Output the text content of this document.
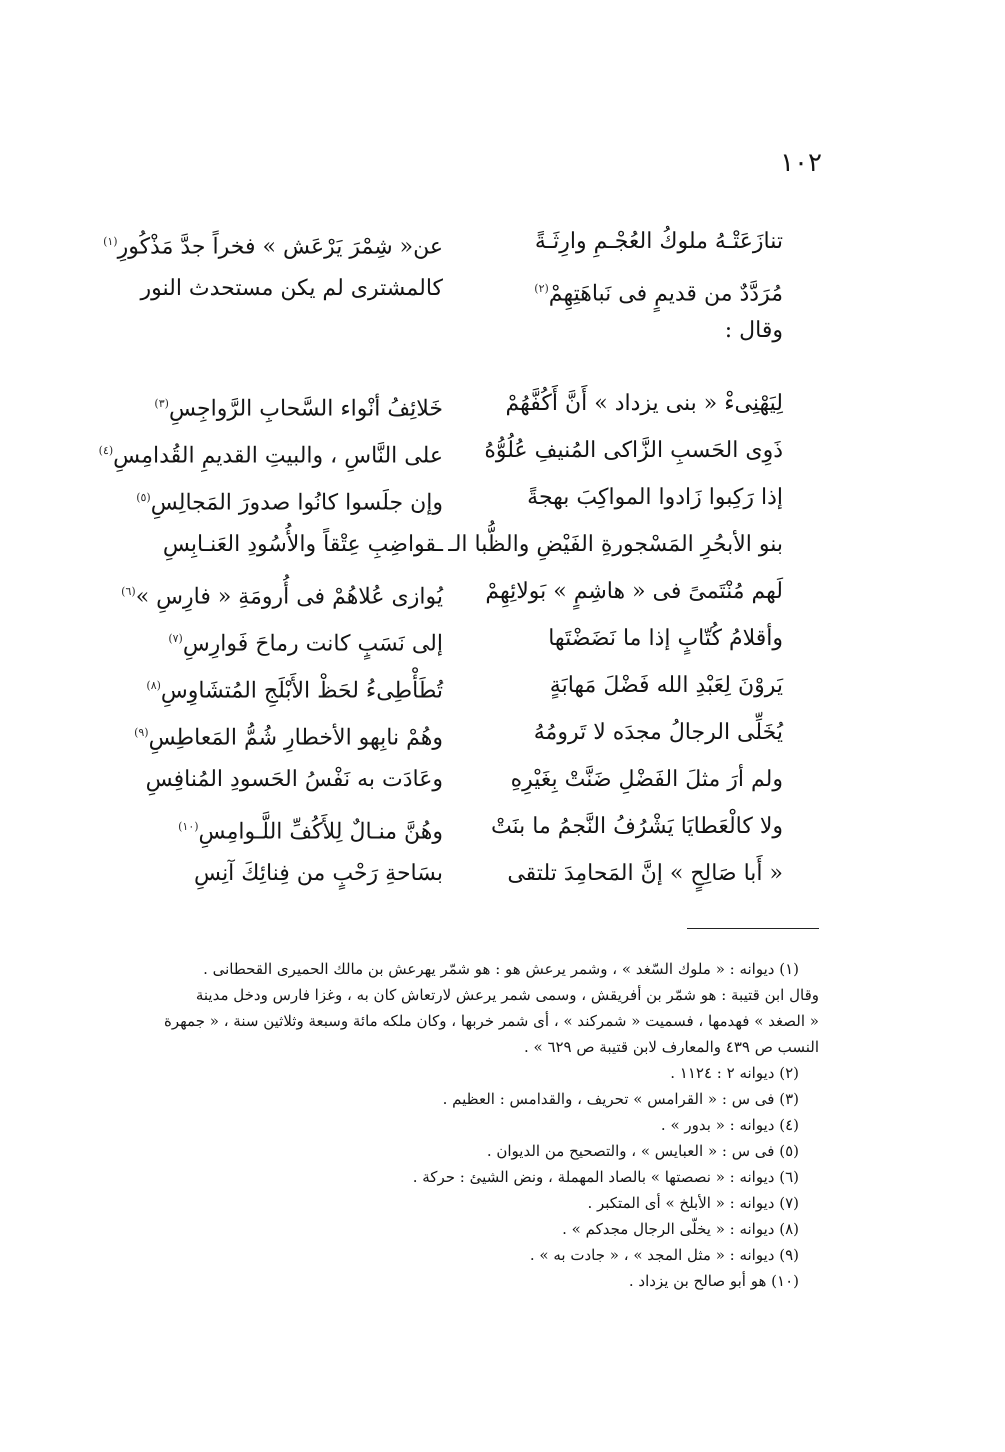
١٠٢
تنازَعَتْـهُ ملوكُ العُجْـمِ وارِثَـةً
عن« شِمْرَ يَرْعَش » فخراً جدَّ مَذْكُورِ$^{(١)}$
مُرَدَّدٌ من قديمٍ فى نَباهَتِهِمْ$^{(٢)}$
كالمشترى لم يكن مستحدث النور
وقال :
لِيَهْنِىءْ « بنى يزداد » أَنَّ أَكُفَّهُمْ
خَلائِفُ أنْواء السَّحابِ الرَّواجِسِ$^{(٣)}$
ذَوِى الحَسبِ الزَّاكى المُنيفِ عُلُوُّهُ
على النَّاسِ ، والبيتِ القديمِ القُدامِسِ$^{(٤)}$
إذا رَكِبوا زَادوا المواكِبَ بهجةً
وإن جلَسوا كانُوا صدورَ المَجالِسِ$^{(٥)}$
بنو الأبحُرِ المَسْجورةِ الفَيْضِ والظُّبا الـ
ـقواضِبِ عِتْقاً والأُسُودِ العَنـابِسِ
لَهم مُنْتَمىً فى « هاشِمٍ » بَولائِهِمْ
يُوازى عُلاهُمْ فى أُرومَةِ « فارِسِ »$^{(٦)}$
وأقلامُ كُتّابٍ إذا ما نَضَضْتَها
إلى نَسَبٍ كانت رماحَ فَوارِسِ$^{(٧)}$
يَروْنَ لِعَبْدِ الله فَضْلَ مَهابَةٍ
تُطَأْطِىءُ لحَظْ الأَبْلَجِ المُتشَاوِسِ$^{(٨)}$
يُخَلِّى الرجالُ مجدَه لا تَرومُهُ
وهُمْ نابِهو الأخطارِ شُمُّ المَعاطِسِ$^{(٩)}$
ولم أرَ مثلَ الفَضْلِ ضَنَّتْ بِغَيْرِهِ
وعَادَت به نَفْسُ الحَسودِ المُنافِسِ
ولا كالْعَطايَا يَشْرُفُ النَّجمُ ما بنَتْ
وهُنَّ منـالٌ لِلأَكُفِّ اللَّـوامِسِ$^{(١٠)}$
« أَبا صَالِحٍ » إنَّ المَحامِدَ تلتقى
بسَاحةِ رَحْبٍ من فِنائِكَ آنِسِ
(١) ديوانه : « ملوك السّغد » ، وشمر يرعش هو : هو شمّر يهرعش بن مالك الحميرى القحطانى .
وقال ابن قتيبة : هو شمّر بن أفريقش ، وسمى شمر يرعش لارتعاش كان به ، وغزا فارس ودخل مدينة
« الصغد » فهدمها ، فسميت « شمركند » ، أى شمر خربها ، وكان ملكه مائة وسبعة وثلاثين سنة ، « جمهرة
النسب ص ٤٣٩ والمعارف لابن قتيبة ص ٦٢٩ » .
(٢) ديوانه ٢ : ١١٢٤ .
(٣) فى س : « القرامس » تحريف ، والقدامس : العظيم .
(٤) ديوانه : « بدور » .
(٥) فى س : « العبايس » ، والتصحيح من الديوان .
(٦) ديوانه : « نصصتها » بالصاد المهملة ، ونض الشيئ : حركة .
(٧) ديوانه : « الأبلخ » أى المتكبر .
(٨) ديوانه : « يخلّى الرجال مجدكم » .
(٩) ديوانه : « مثل المجد » ، « جادت به » .
(١٠) هو أبو صالح بن يزداد .
